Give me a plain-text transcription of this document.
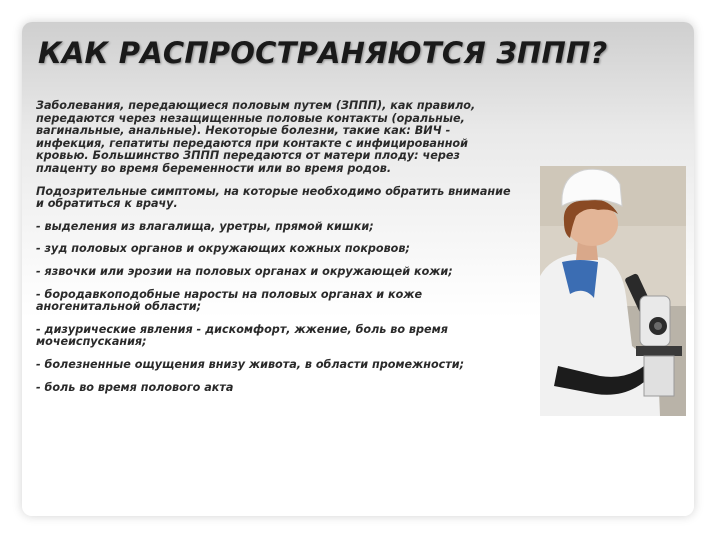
КАК РАСПРОСТРАНЯЮТСЯ ЗППП?

Заболевания, передающиеся половым путем (ЗППП), как правило, передаются через незащищенные половые контакты (оральные, вагинальные, анальные). Некоторые болезни, такие как: ВИЧ - инфекция, гепатиты передаются при контакте с инфицированной кровью. Большинство ЗППП передаются от матери плоду: через плаценту во время беременности или во время родов.

Подозрительные симптомы, на которые необходимо обратить внимание и обратиться к врачу.

- выделения из влагалища, уретры, прямой кишки;

- зуд половых органов и окружающих кожных покровов;

- язвочки или эрозии на половых органах и окружающей кожи;

- бородавкоподобные наросты на половых органах и коже аногенитальной области;

- дизурические явления - дискомфорт, жжение, боль во время мочеиспускания;

- болезненные ощущения внизу живота, в области промежности;

- боль во время полового акта
